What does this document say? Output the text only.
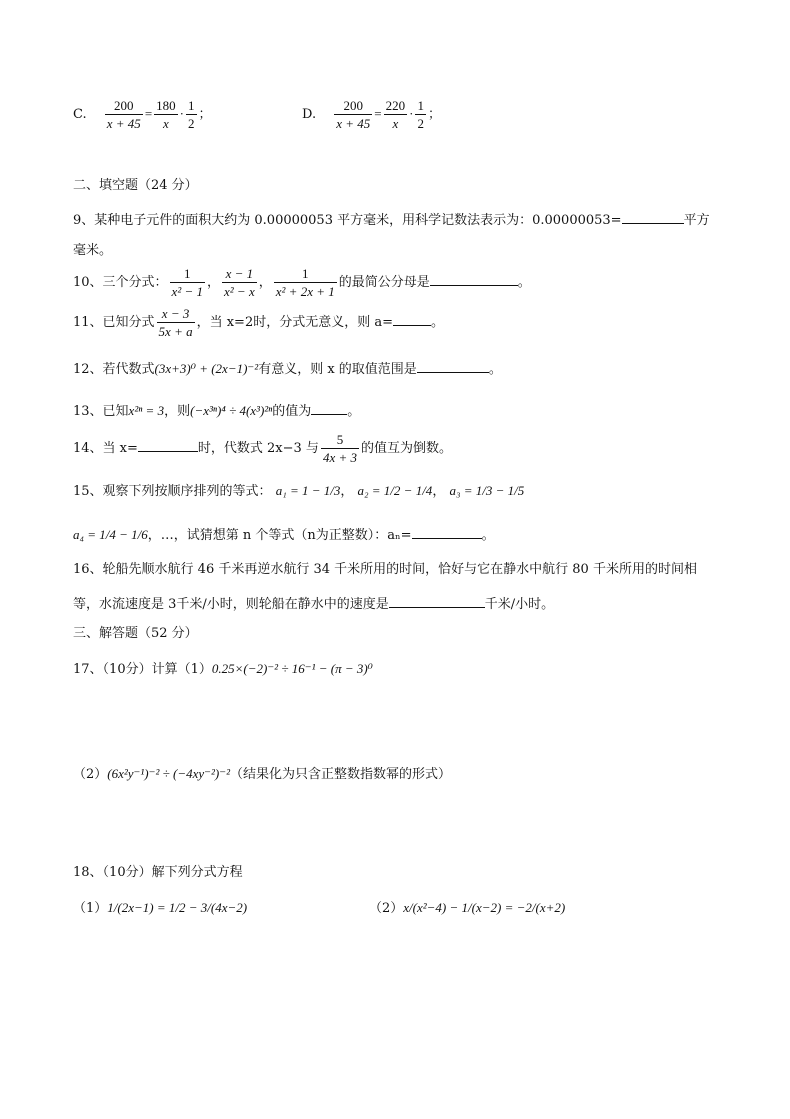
C. $\frac{200}{x + 45} = \frac{180}{x} \cdot \frac{1}{2}$ ；	D. $\frac{200}{x + 45} = \frac{220}{x} \cdot \frac{1}{2}$ ；
二、填空题（24 分）
9、某种电子元件的面积大约为 0.00000053 平方毫米，用科学记数法表示为：0.00000053=	平方
毫米。
10、三个分式： $\frac{1}{\text{x² − 1}}$ ， $\frac{x - 1}{\text{x² − x}}$ ， $\frac{1}{\text{x² + 2x + 1}}$ 的最简公分母是	。
11、已知分式 $\frac{x - 3}{5x + a}$ ，当 x=2时，分式无意义，则 a=	。
12、若代数式(3x+3)⁰ + (2x−1)⁻²有意义，则 x 的取值范围是	。
13、已知x²ⁿ = 3，则(−x³ⁿ)⁴ ÷ 4(x³)²ⁿ的值为	。
14、当 x=	时，代数式 2x−3 与 $\frac{5}{4x + 3}$ 的值互为倒数。
15、观察下列按顺序排列的等式： a₁ = 1 − 1/3， a₂ = 1/2 − 1/4， a₃ = 1/3 − 1/5
a₄ = 1/4 − 1/6，…，试猜想第 n 个等式（n为正整数）：aₙ=	。
16、轮船先顺水航行 46 千米再逆水航行 34 千米所用的时间，恰好与它在静水中航行 80 千米所用的时间相
等，水流速度是 3千米/小时，则轮船在静水中的速度是	千米/小时。
三、解答题（52 分）
17、（10分）计算（1）0.25×(−2)⁻² ÷ 16⁻¹ − (π − 3)⁰
（2）(6x²y⁻¹)⁻² ÷ (−4xy⁻²)⁻²（结果化为只含正整数指数幂的形式）
18、（10分）解下列分式方程
（1）1/(2x−1) = 1/2 − 3/(4x−2)	（2）x/(x²−4) − 1/(x−2) = −2/(x+2)
